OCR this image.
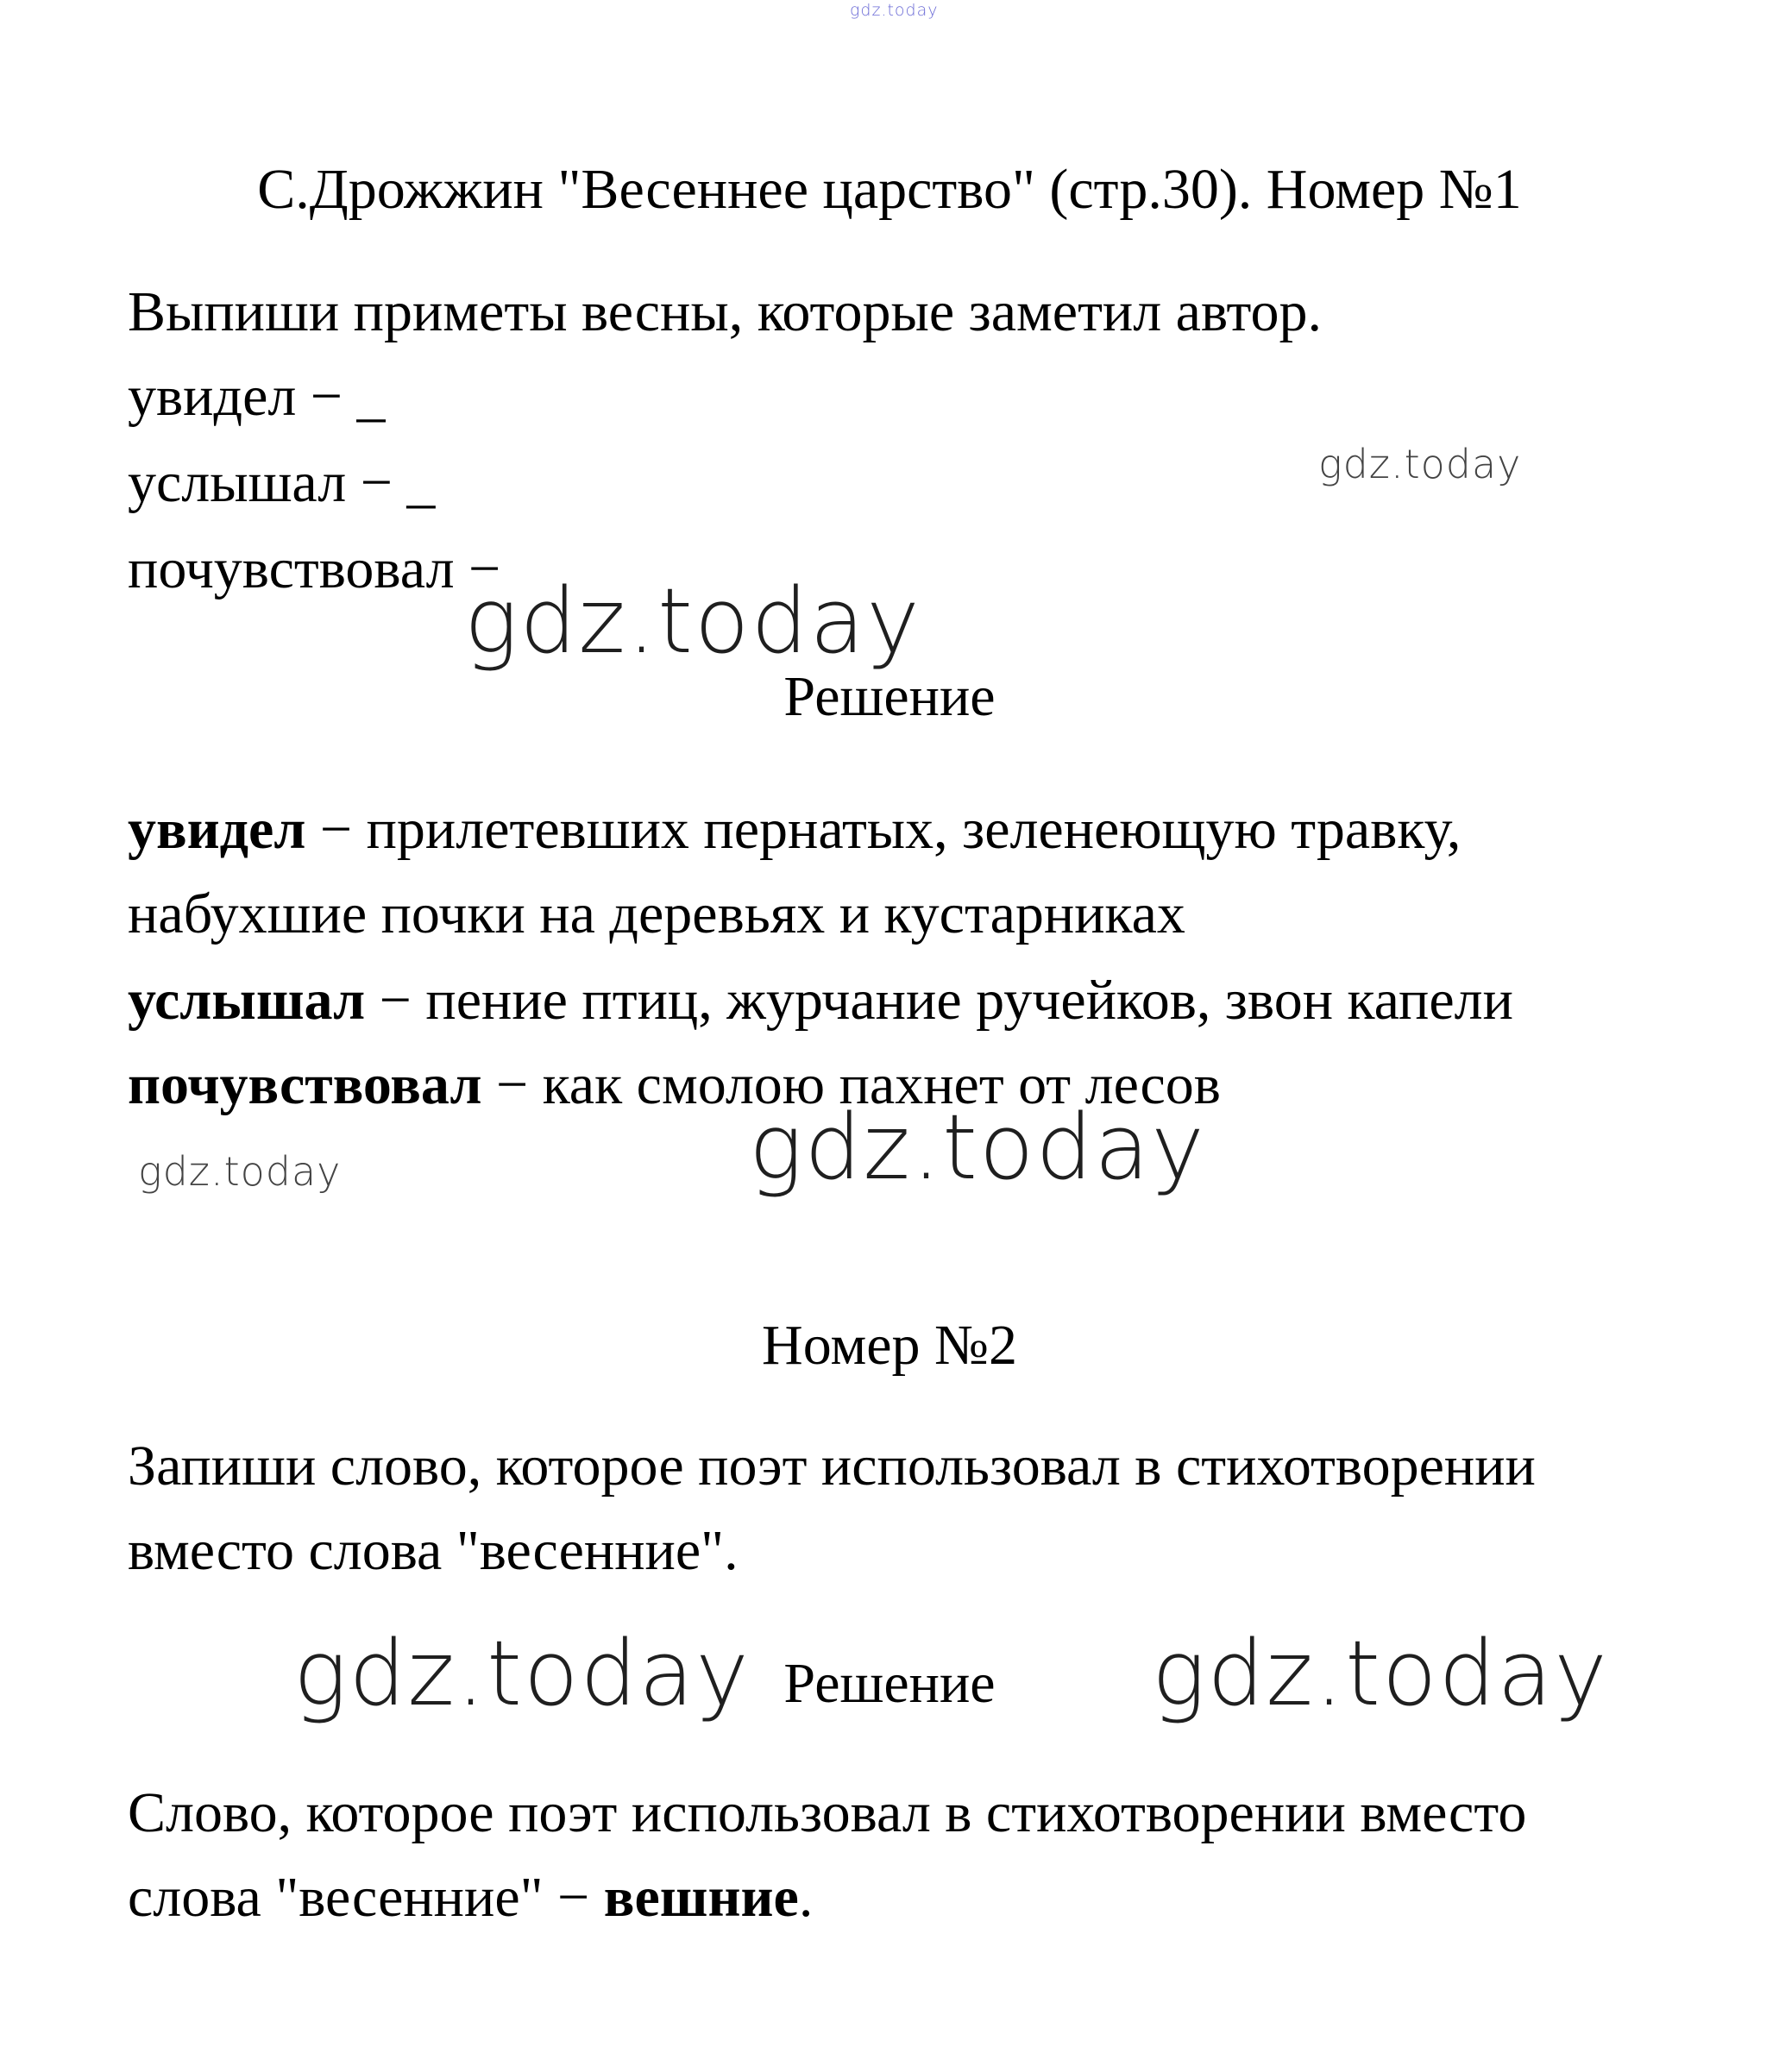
gdz.today
gdz.today
gdz.today
gdz.today	gdz.today
gdz.today	gdz.today
С.Дрожжин "Весеннее царство" (стр.30). Номер №1
Выпиши приметы весны, которые заметил автор.
увидел − _
услышал − _
почувствовал −
Решение
увидел − прилетевших пернатых, зеленеющую травку,
набухшие почки на деревьях и кустарниках
услышал − пение птиц, журчание ручейков, звон капели
почувствовал − как смолою пахнет от лесов
Номер №2
Запиши слово, которое поэт использовал в стихотворении
вместо слова "весенние".
Решение
Слово, которое поэт использовал в стихотворении вместо
слова "весенние" − вешние.
